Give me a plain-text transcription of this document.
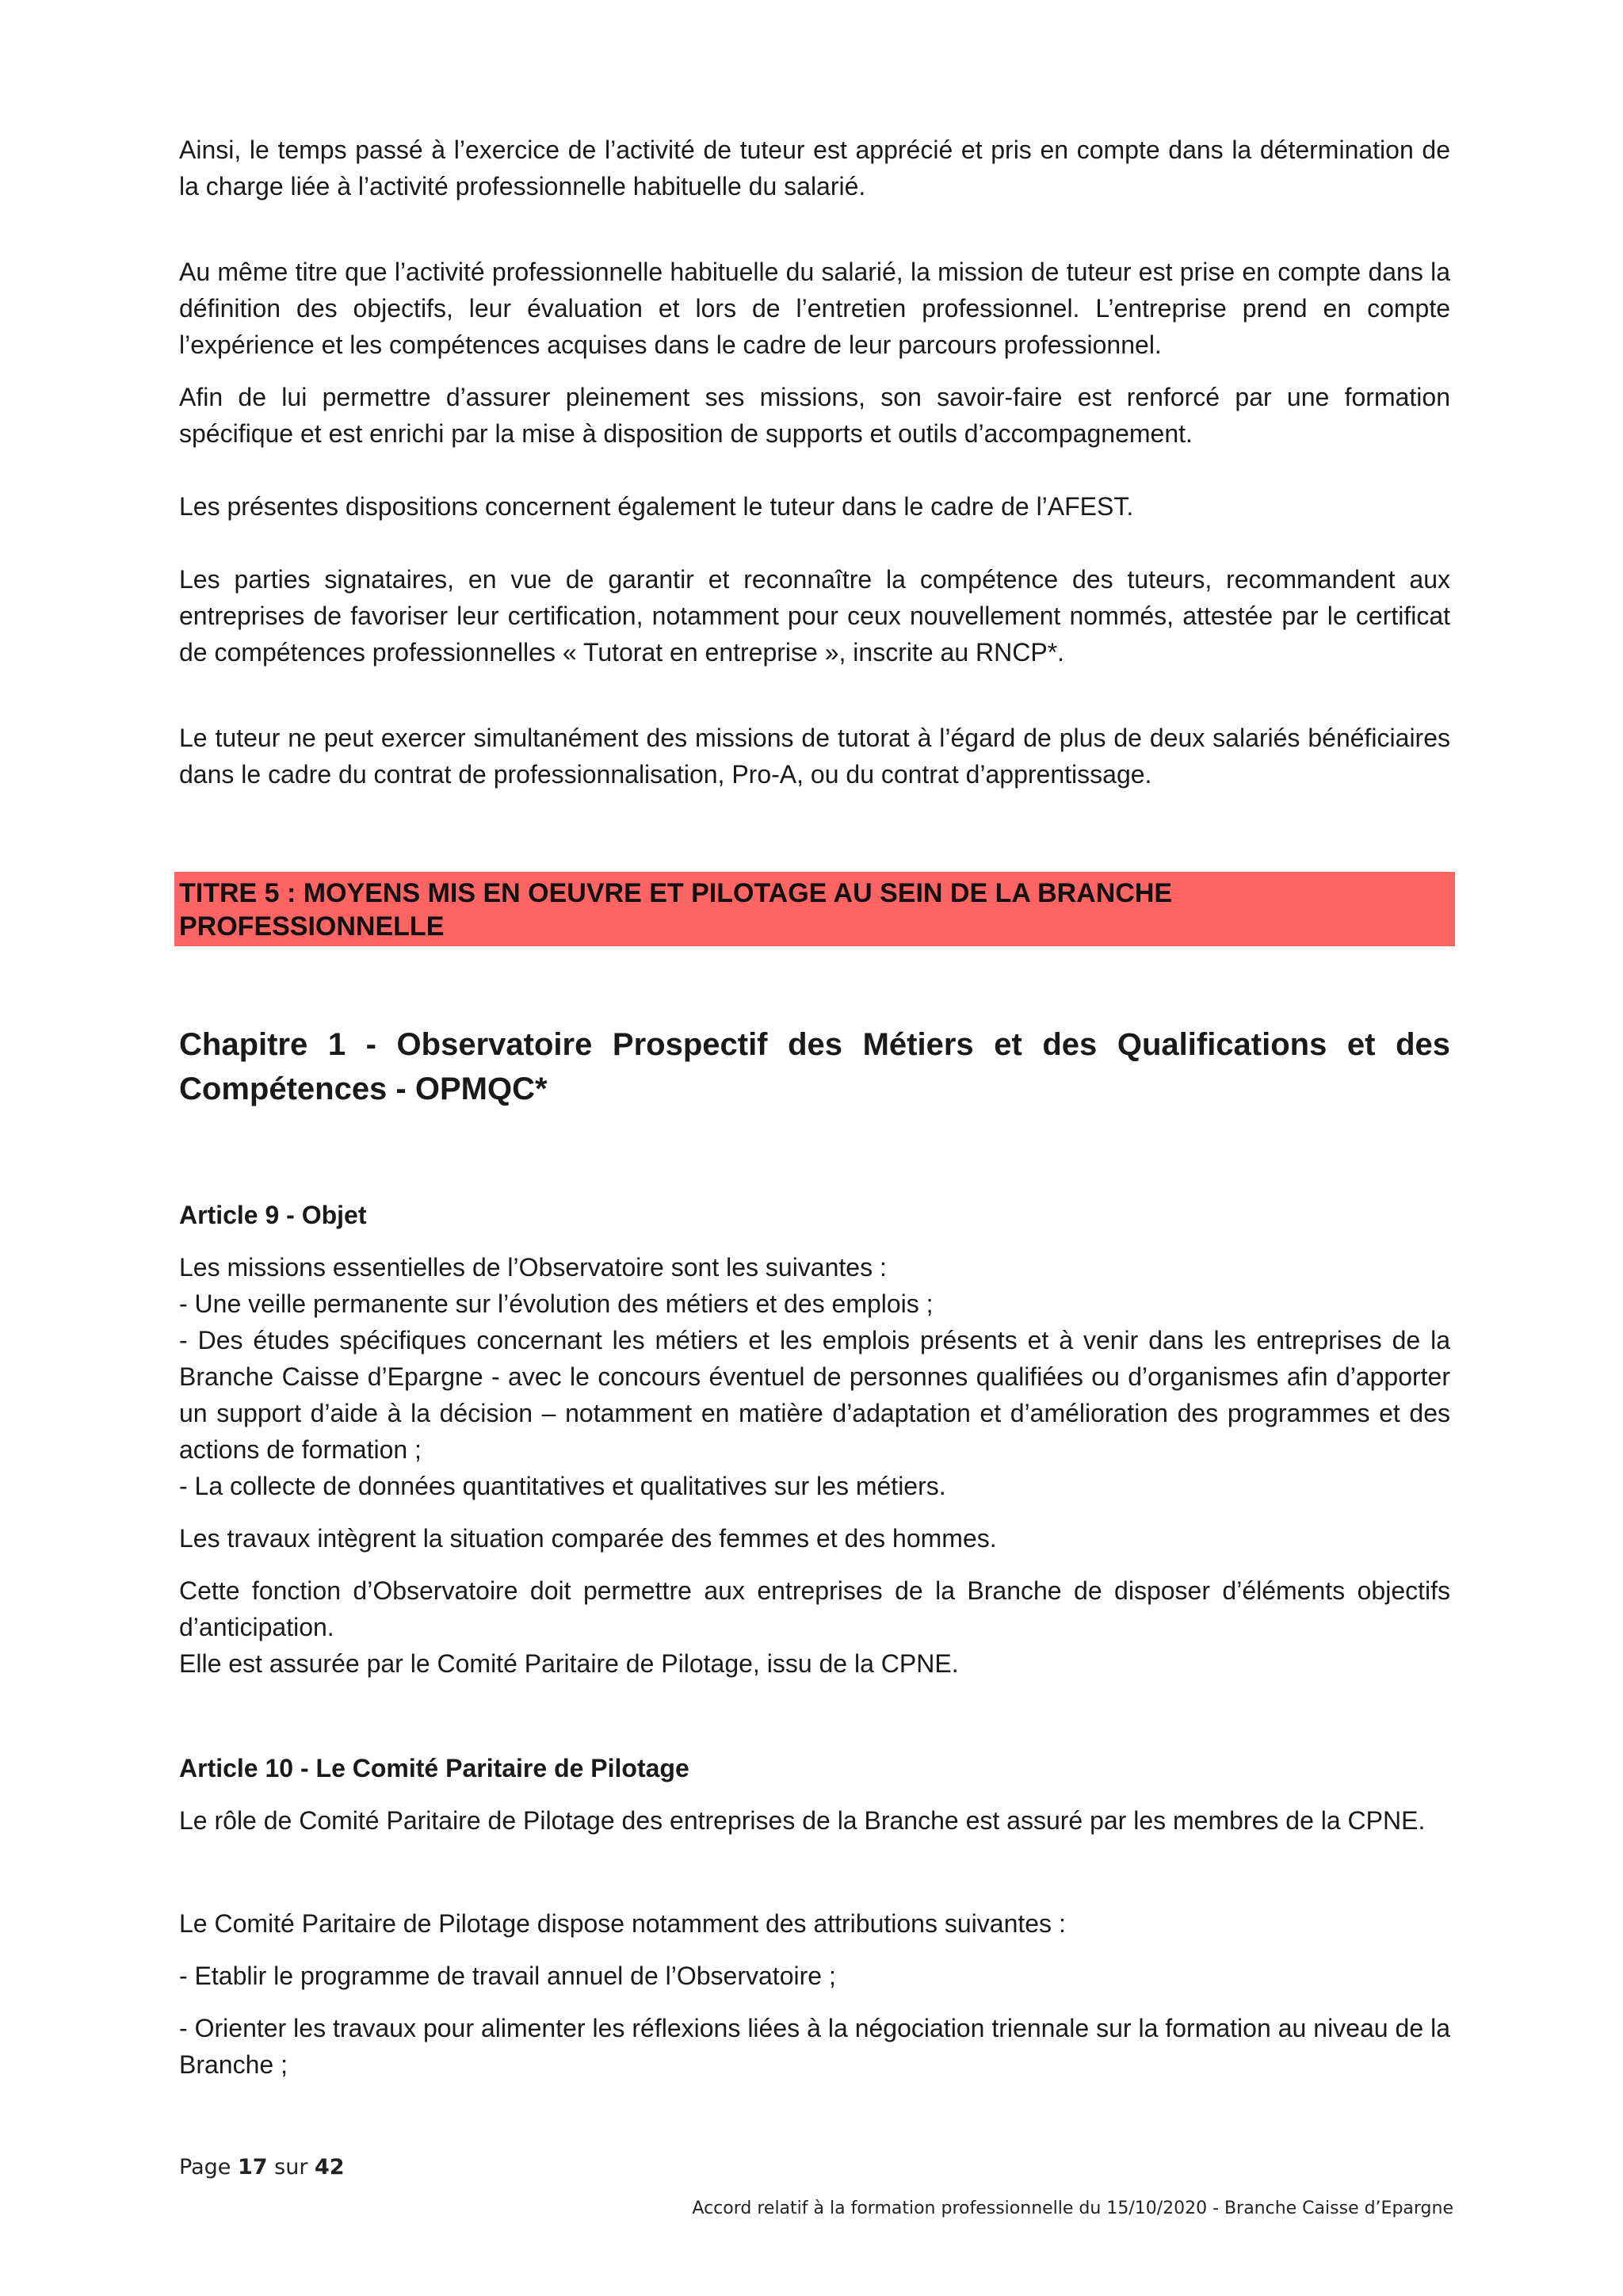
Ainsi, le temps passé à l’exercice de l’activité de tuteur est apprécié et pris en compte dans la détermination de la charge liée à l’activité professionnelle habituelle du salarié.

Au même titre que l’activité professionnelle habituelle du salarié, la mission de tuteur est prise en compte dans la définition des objectifs, leur évaluation et lors de l’entretien professionnel. L’entreprise prend en compte l’expérience et les compétences acquises dans le cadre de leur parcours professionnel.

Afin de lui permettre d’assurer pleinement ses missions, son savoir-faire est renforcé par une formation spécifique et est enrichi par la mise à disposition de supports et outils d’accompagnement.

Les présentes dispositions concernent également le tuteur dans le cadre de l’AFEST.

Les parties signataires, en vue de garantir et reconnaître la compétence des tuteurs, recommandent aux entreprises de favoriser leur certification, notamment pour ceux nouvellement nommés, attestée par le certificat de compétences professionnelles « Tutorat en entreprise », inscrite au RNCP*.

Le tuteur ne peut exercer simultanément des missions de tutorat à l’égard de plus de deux salariés bénéficiaires dans le cadre du contrat de professionnalisation, Pro-A, ou du contrat d’apprentissage.

TITRE 5 : MOYENS MIS EN OEUVRE ET PILOTAGE AU SEIN DE LA BRANCHE
PROFESSIONNELLE
Chapitre 1 - Observatoire Prospectif des Métiers et des Qualifications et des Compétences - OPMQC*
Article 9 - Objet

Les missions essentielles de l’Observatoire sont les suivantes :

- Une veille permanente sur l’évolution des métiers et des emplois ;
- Des études spécifiques concernant les métiers et les emplois présents et à venir dans les entreprises de la Branche Caisse d’Epargne - avec le concours éventuel de personnes qualifiées ou d’organismes afin d’apporter un support d’aide à la décision – notamment en matière d’adaptation et d’amélioration des programmes et des actions de formation ;
- La collecte de données quantitatives et qualitatives sur les métiers.

Les travaux intègrent la situation comparée des femmes et des hommes.

Cette fonction d’Observatoire doit permettre aux entreprises de la Branche de disposer d’éléments objectifs d’anticipation.

Elle est assurée par le Comité Paritaire de Pilotage, issu de la CPNE.

Article 10 - Le Comité Paritaire de Pilotage

Le rôle de Comité Paritaire de Pilotage des entreprises de la Branche est assuré par les membres de la CPNE.

Le Comité Paritaire de Pilotage dispose notamment des attributions suivantes :

- Etablir le programme de travail annuel de l’Observatoire ;

- Orienter les travaux pour alimenter les réflexions liées à la négociation triennale sur la formation au niveau de la Branche ;

Page 17 sur 42
Accord relatif à la formation professionnelle du 15/10/2020 - Branche Caisse d’Epargne
